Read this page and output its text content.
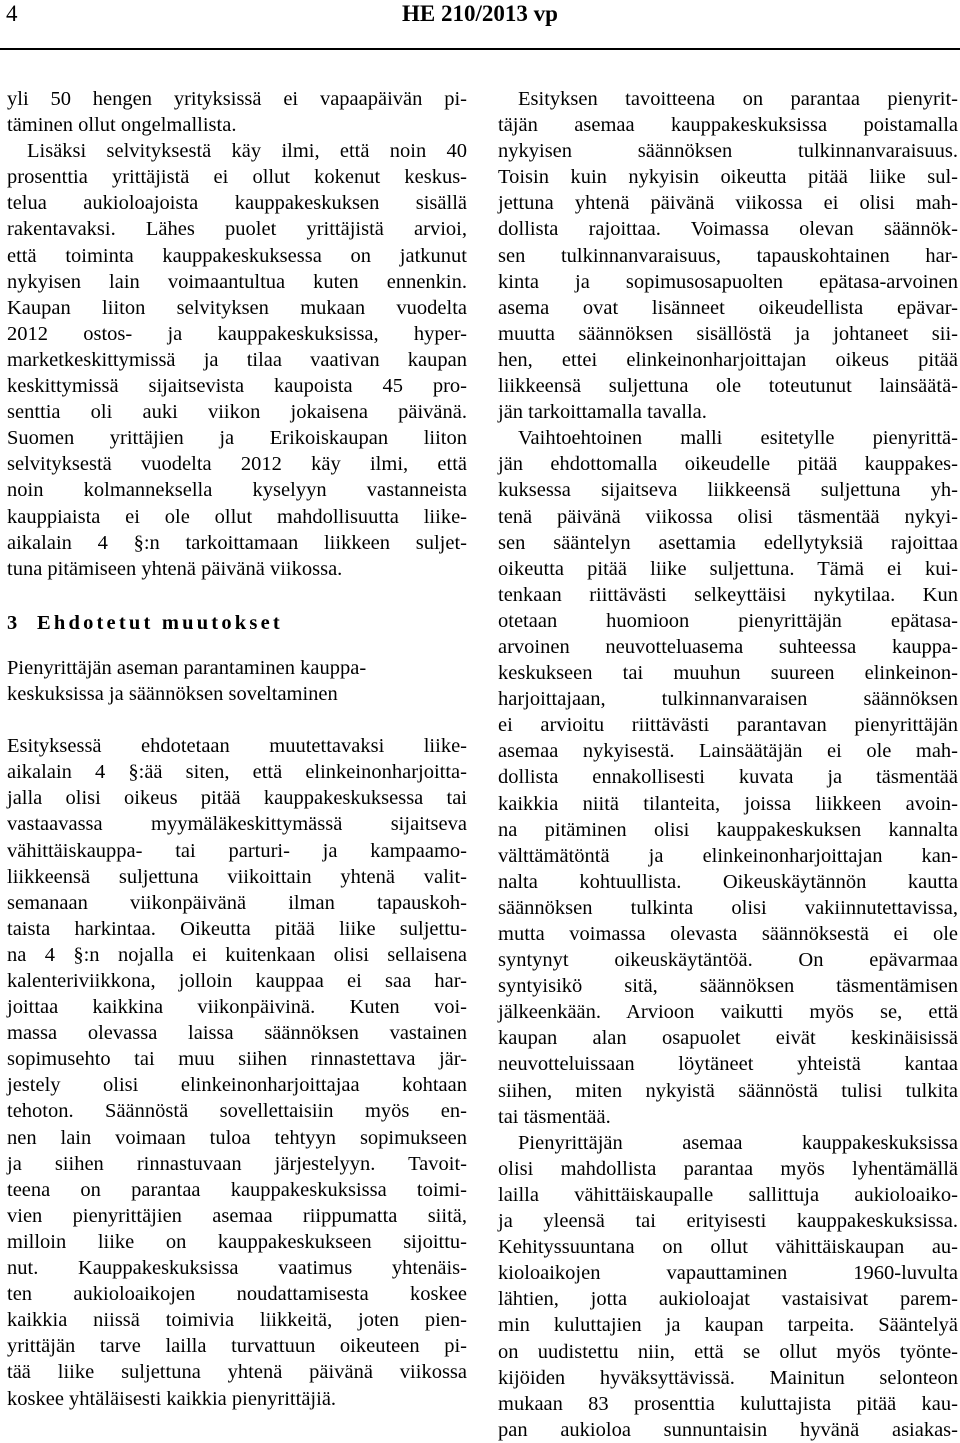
4	HE 210/2013 vp
yli 50 hengen yrityksissä ei vapaapäivän pi-
täminen ollut ongelmallista.
Lisäksi selvityksestä käy ilmi, että noin 40
prosenttia yrittäjistä ei ollut kokenut keskus-
telua aukioloajoista kauppakeskuksen sisällä
rakentavaksi. Lähes puolet yrittäjistä arvioi,
että toiminta kauppakeskuksessa on jatkunut
nykyisen lain voimaantultua kuten ennenkin.
Kaupan liiton selvityksen mukaan vuodelta
2012 ostos- ja kauppakeskuksissa, hyper-
marketkeskittymissä ja tilaa vaativan kaupan
keskittymissä sijaitsevista kaupoista 45 pro-
senttia oli auki viikon jokaisena päivänä.
Suomen yrittäjien ja Erikoiskaupan liiton
selvityksestä vuodelta 2012 käy ilmi, että
noin kolmanneksella kyselyyn vastanneista
kauppiaista ei ole ollut mahdollisuutta liike-
aikalain 4 §:n tarkoittamaan liikkeen suljet-
tuna pitämiseen yhtenä päivänä viikossa.
3 Ehdotetut muutokset
Pienyrittäjän aseman parantaminen kauppa-
keskuksissa ja säännöksen soveltaminen
Esityksessä ehdotetaan muutettavaksi liike-
aikalain 4 §:ää siten, että elinkeinonharjoitta-
jalla olisi oikeus pitää kauppakeskuksessa tai
vastaavassa myymäläkeskittymässä sijaitseva
vähittäiskauppa- tai parturi- ja kampaamo-
liikkeensä suljettuna viikoittain yhtenä valit-
semanaan viikonpäivänä ilman tapauskoh-
taista harkintaa. Oikeutta pitää liike suljettu-
na 4 §:n nojalla ei kuitenkaan olisi sellaisena
kalenteriviikkona, jolloin kauppaa ei saa har-
joittaa kaikkina viikonpäivinä. Kuten voi-
massa olevassa laissa säännöksen vastainen
sopimusehto tai muu siihen rinnastettava jär-
jestely olisi elinkeinonharjoittajaa kohtaan
tehoton. Säännöstä sovellettaisiin myös en-
nen lain voimaan tuloa tehtyyn sopimukseen
ja siihen rinnastuvaan järjestelyyn. Tavoit-
teena on parantaa kauppakeskuksissa toimi-
vien pienyrittäjien asemaa riippumatta siitä,
milloin liike on kauppakeskukseen sijoittu-
nut. Kauppakeskuksissa vaatimus yhtenäis-
ten aukioloaikojen noudattamisesta koskee
kaikkia niissä toimivia liikkeitä, joten pien-
yrittäjän tarve lailla turvattuun oikeuteen pi-
tää liike suljettuna yhtenä päivänä viikossa
koskee yhtäläisesti kaikkia pienyrittäjiä.
Esityksen tavoitteena on parantaa pienyrit-
täjän asemaa kauppakeskuksissa poistamalla
nykyisen säännöksen tulkinnanvaraisuus.
Toisin kuin nykyisin oikeutta pitää liike sul-
jettuna yhtenä päivänä viikossa ei olisi mah-
dollista rajoittaa. Voimassa olevan säännök-
sen tulkinnanvaraisuus, tapauskohtainen har-
kinta ja sopimusosapuolten epätasa-arvoinen
asema ovat lisänneet oikeudellista epävar-
muutta säännöksen sisällöstä ja johtaneet sii-
hen, ettei elinkeinonharjoittajan oikeus pitää
liikkeensä suljettuna ole toteutunut lainsäätä-
jän tarkoittamalla tavalla.
Vaihtoehtoinen malli esitetylle pienyrittä-
jän ehdottomalla oikeudelle pitää kauppakes-
kuksessa sijaitseva liikkeensä suljettuna yh-
tenä päivänä viikossa olisi täsmentää nykyi-
sen sääntelyn asettamia edellytyksiä rajoittaa
oikeutta pitää liike suljettuna. Tämä ei kui-
tenkaan riittävästi selkeyttäisi nykytilaa. Kun
otetaan huomioon pienyrittäjän epätasa-
arvoinen neuvotteluasema suhteessa kauppa-
keskukseen tai muuhun suureen elinkeinon-
harjoittajaan, tulkinnanvaraisen säännöksen
ei arvioitu riittävästi parantavan pienyrittäjän
asemaa nykyisestä. Lainsäätäjän ei ole mah-
dollista ennakollisesti kuvata ja täsmentää
kaikkia niitä tilanteita, joissa liikkeen avoin-
na pitäminen olisi kauppakeskuksen kannalta
välttämätöntä ja elinkeinonharjoittajan kan-
nalta kohtuullista. Oikeuskäytännön kautta
säännöksen tulkinta olisi vakiinnutettavissa,
mutta voimassa olevasta säännöksestä ei ole
syntynyt oikeuskäytäntöä. On epävarmaa
syntyisikö sitä, säännöksen täsmentämisen
jälkeenkään. Arvioon vaikutti myös se, että
kaupan alan osapuolet eivät keskinäisissä
neuvotteluissaan löytäneet yhteistä kantaa
siihen, miten nykyistä säännöstä tulisi tulkita
tai täsmentää.
Pienyrittäjän asemaa kauppakeskuksissa
olisi mahdollista parantaa myös lyhentämällä
lailla vähittäiskaupalle sallittuja aukioloaiko-
ja yleensä tai erityisesti kauppakeskuksissa.
Kehityssuuntana on ollut vähittäiskaupan au-
kioloaikojen vapauttaminen 1960-luvulta
lähtien, jotta aukioloajat vastaisivat parem-
min kuluttajien ja kaupan tarpeita. Sääntelyä
on uudistettu niin, että se ollut myös työnte-
kijöiden hyväksyttävissä. Mainitun selonteon
mukaan 83 prosenttia kuluttajista pitää kau-
pan aukioloa sunnuntaisin hyvänä asiakas-
